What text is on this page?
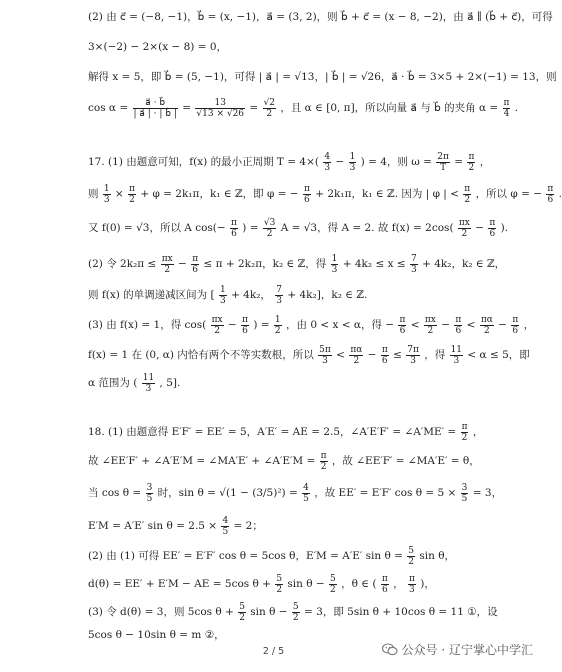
(2) 由 c⃗ = (−8, −1)，b⃗ = (x, −1)，a⃗ = (3, 2)，则 b⃗ + c⃗ = (x − 8, −2)，由 a⃗ ∥ (b⃗ + c⃗)，可得
3×(−2) − 2×(x − 8) = 0，
解得 x = 5，即 b⃗ = (5, −1)，可得 | a⃗ | = √13，| b⃗ | = √26，a⃗ · b⃗ = 3×5 + 2×(−1) = 13，则
$\cos \alpha = \frac{a⃗ \cdot b⃗}{| a⃗ | \cdot | b⃗ |} = \frac{13}{√13 \times √26} = \frac{√2}{2}$ ，且 α ∈ [0, π]，所以向量 a⃗ 与 b⃗ 的夹角 $\alpha = \frac{\pi}{4}$ .
17. (1) 由题意可知，f(x) 的最小正周期 $T = 4\times( \frac{4}{3} - \frac{1}{3}$ ) = 4，则 $\omega = \frac{2\pi}{T} = \frac{\pi}{2}$ ，
则 $\frac{1}{3} \times \frac{\pi}{2} + \varphi = 2k_1\pi$，k₁ ∈ ℤ，即 φ = − $\frac{\pi}{6} + 2k_1\pi$，k₁ ∈ ℤ. 因为 | φ | < $\frac{\pi}{2}$ ，所以 φ = − $\frac{\pi}{6}$ .
又 f(0) = √3，所以 A $\cos(- \frac{\pi}{6}$ ) = $\frac{√3}{2}$ A = √3，得 A = 2. 故 $f(x) = 2\cos( \frac{\pi x}{2} - \frac{\pi}{6}$ ).
(2) 令 $2k_2\pi \le \frac{\pi x}{2} - \frac{\pi}{6} \le \pi + 2k_2\pi$，k₂ ∈ ℤ，得 $\frac{1}{3} + 4k_2 \le x \le \frac{7}{3} + 4k_2$，k₂ ∈ ℤ，
则 f(x) 的单调递减区间为 [ $\frac{1}{3} + 4k_2$， $\frac{7}{3} + 4k_2$]，k₂ ∈ ℤ.
(3) 由 f(x) = 1，得 $\cos( \frac{\pi x}{2} - \frac{\pi}{6}$ ) = $\frac{1}{2}$ ，由 0 < x < α，得 − $\frac{\pi}{6} < \frac{\pi x}{2} - \frac{\pi}{6} < \frac{\pi\alpha}{2} - \frac{\pi}{6}$ ，
f(x) = 1 在 (0, α) 内恰有两个不等实数根，所以 $\frac{5\pi}{3} < \frac{\pi\alpha}{2} - \frac{\pi}{6} \le \frac{7\pi}{3}$ ，得 $\frac{11}{3} < \alpha \le 5$，即
α 范围为 ( $\frac{11}{3}$ , 5].
18. (1) 由题意得 E′F′ = EE′ = 5，A′E′ = AE = 2.5，∠A′E′F′ = ∠A′ME′ = $\frac{\pi}{2}$ ，
故 ∠EE′F′ + ∠A′E′M = ∠MA′E′ + ∠A′E′M = $\frac{\pi}{2}$ ，故 ∠EE′F′ = ∠MA′E′ = θ，
当 $\cos \theta = \frac{3}{5}$ 时，$\sin \theta = √(1 - (3/5)^2) = \frac{4}{5}$ ，故 EE′ = E′F′ $\cos \theta = 5 \times \frac{3}{5} = 3$，
E′M = A′E′ $\sin \theta = 2.5 \times \frac{4}{5} = 2$；
(2) 由 (1) 可得 EE′ = E′F′ cos θ = 5cos θ，E′M = A′E′ $\sin \theta = \frac{5}{2}$ sin θ，
d(θ) = EE′ + E′M − AE = 5cos $\theta + \frac{5}{2}$ $\sin \theta - \frac{5}{2}$ ，θ ∈ ( $\frac{\pi}{6}$ ， $\frac{\pi}{3}$ )，
(3) 令 d(θ) = 3，则 5cos $\theta + \frac{5}{2}$ $\sin \theta - \frac{5}{2} = 3$，即 5sin θ + 10cos θ = 11 ①，设
5cos θ − 10sin θ = m ②，
2 / 5	公众号 · 辽宁掌心中学汇
